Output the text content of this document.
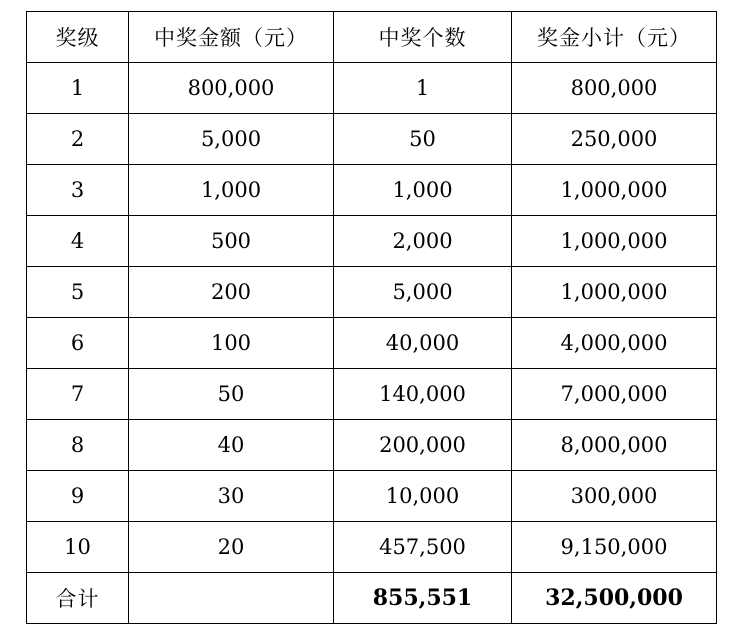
奖级	中奖金额（元）	中奖个数	奖金小计（元）
1	800,000	1	800,000
2	5,000	50	250,000
3	1,000	1,000	1,000,000
4	500	2,000	1,000,000
5	200	5,000	1,000,000
6	100	40,000	4,000,000
7	50	140,000	7,000,000
8	40	200,000	8,000,000
9	30	10,000	300,000
10	20	457,500	9,150,000
合计		855,551	32,500,000
